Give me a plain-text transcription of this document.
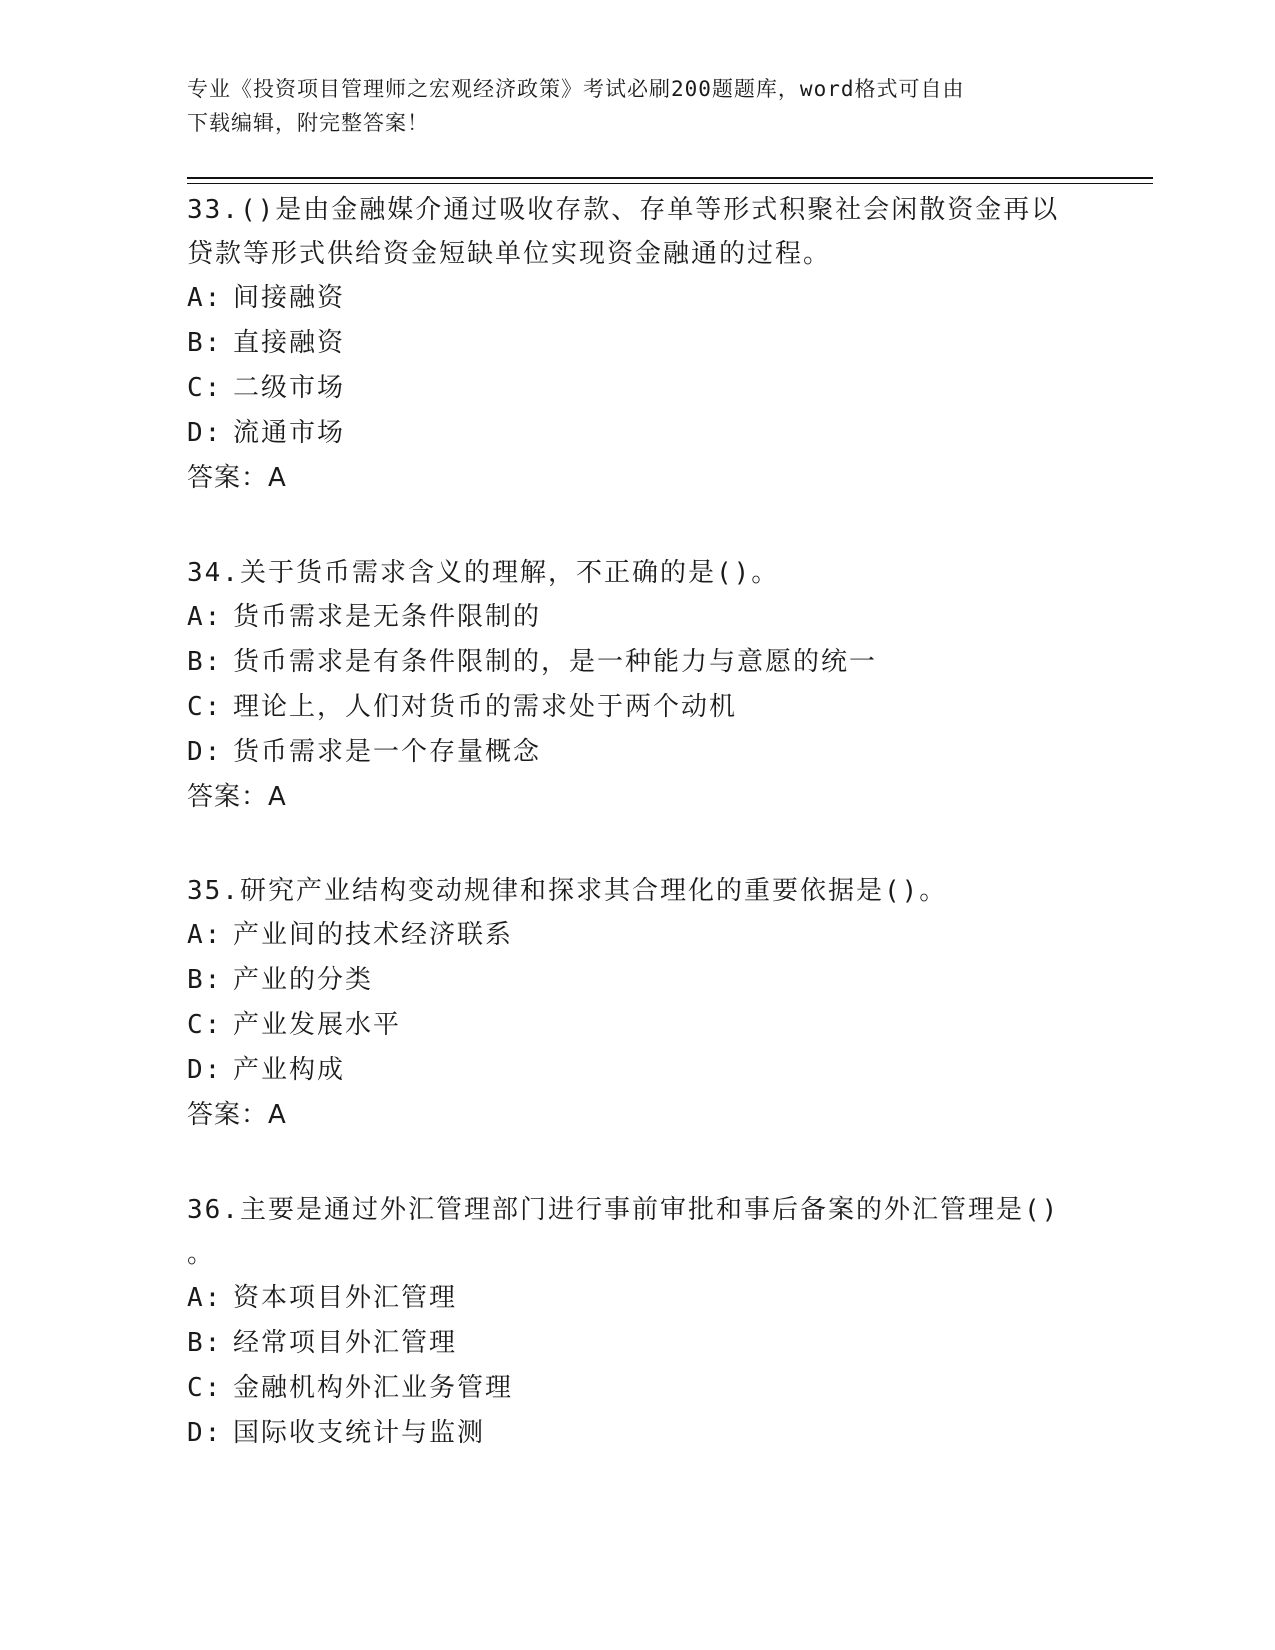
专业《投资项目管理师之宏观经济政策》考试必刷200题题库，word格式可自由
下载编辑，附完整答案！

33.()是由金融媒介通过吸收存款、存单等形式积聚社会闲散资金再以

贷款等形式供给资金短缺单位实现资金融通的过程。

A: 间接融资

B: 直接融资

C: 二级市场

D: 流通市场

答案：A

34.关于货币需求含义的理解，不正确的是()。

A: 货币需求是无条件限制的

B: 货币需求是有条件限制的，是一种能力与意愿的统一

C: 理论上，人们对货币的需求处于两个动机

D: 货币需求是一个存量概念

答案：A

35.研究产业结构变动规律和探求其合理化的重要依据是()。

A: 产业间的技术经济联系

B: 产业的分类

C: 产业发展水平

D: 产业构成

答案：A

36.主要是通过外汇管理部门进行事前审批和事后备案的外汇管理是()

。

A: 资本项目外汇管理

B: 经常项目外汇管理

C: 金融机构外汇业务管理

D: 国际收支统计与监测
